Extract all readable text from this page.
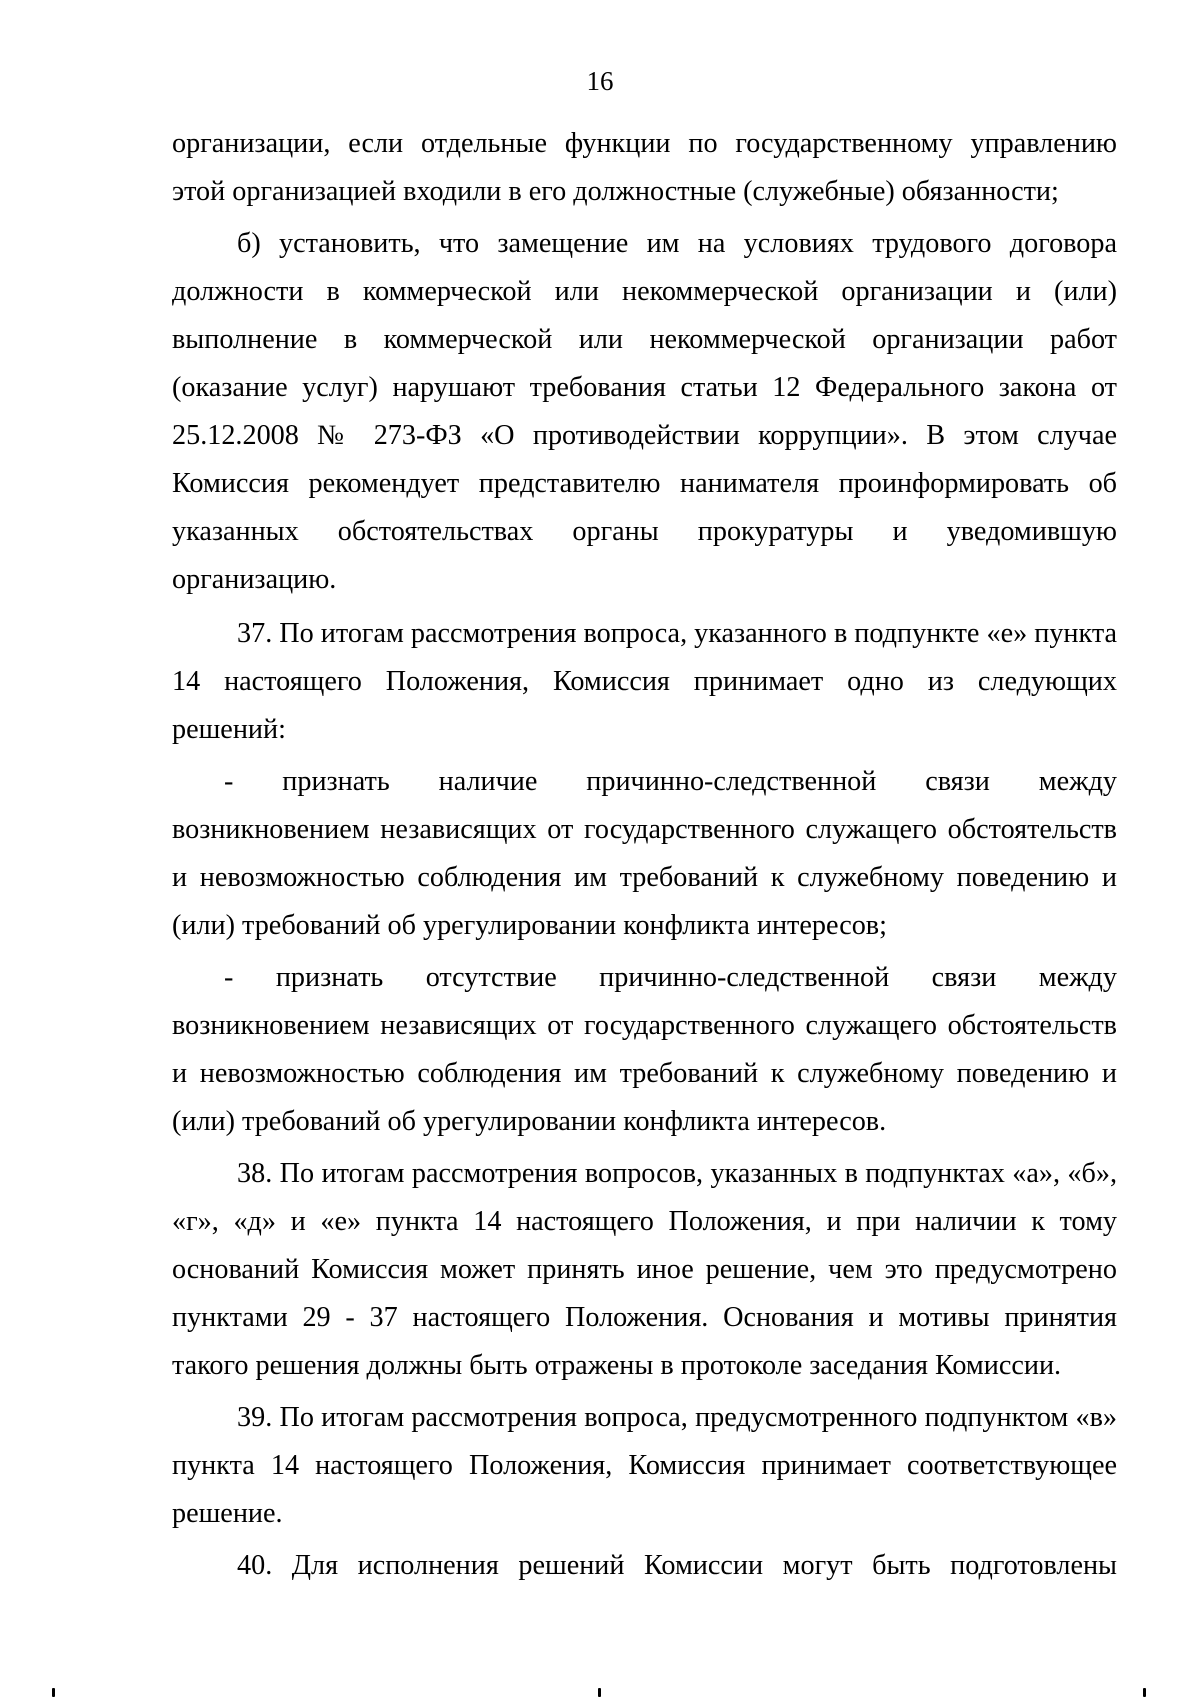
16
организации, если отдельные функции по государственному управлению
этой организацией входили в его должностные (служебные) обязанности;
б) установить, что замещение им на условиях трудового договора
должности в коммерческой или некоммерческой организации и (или)
выполнение в коммерческой или некоммерческой организации работ
(оказание услуг) нарушают требования статьи 12 Федерального закона от
25.12.2008 № 273-ФЗ «О противодействии коррупции». В этом случае
Комиссия рекомендует представителю нанимателя проинформировать об
указанных обстоятельствах органы прокуратуры и уведомившую
организацию.
37. По итогам рассмотрения вопроса, указанного в подпункте «е» пункта
14 настоящего Положения, Комиссия принимает одно из следующих
решений:
- признать наличие причинно-следственной связи между
возникновением независящих от государственного служащего обстоятельств
и невозможностью соблюдения им требований к служебному поведению и
(или) требований об урегулировании конфликта интересов;
- признать отсутствие причинно-следственной связи между
возникновением независящих от государственного служащего обстоятельств
и невозможностью соблюдения им требований к служебному поведению и
(или) требований об урегулировании конфликта интересов.
38. По итогам рассмотрения вопросов, указанных в подпунктах «а», «б»,
«г», «д» и «е» пункта 14 настоящего Положения, и при наличии к тому
оснований Комиссия может принять иное решение, чем это предусмотрено
пунктами 29 - 37 настоящего Положения. Основания и мотивы принятия
такого решения должны быть отражены в протоколе заседания Комиссии.
39. По итогам рассмотрения вопроса, предусмотренного подпунктом «в»
пункта 14 настоящего Положения, Комиссия принимает соответствующее
решение.
40. Для исполнения решений Комиссии могут быть подготовлены
